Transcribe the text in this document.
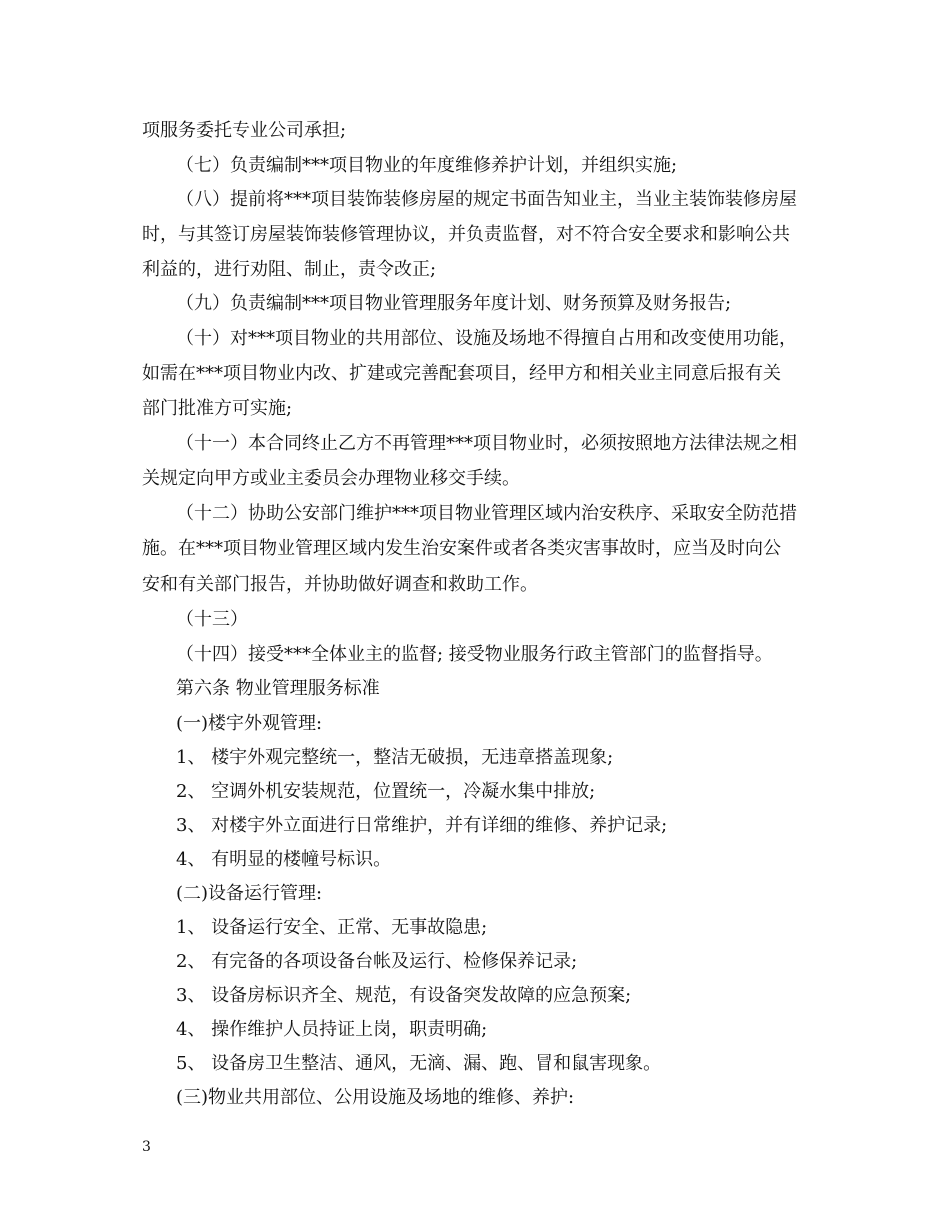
项服务委托专业公司承担;
（七）负责编制***项目物业的年度维修养护计划，并组织实施;
（八）提前将***项目装饰装修房屋的规定书面告知业主，当业主装饰装修房屋
时，与其签订房屋装饰装修管理协议，并负责监督，对不符合安全要求和影响公共
利益的，进行劝阻、制止，责令改正;
（九）负责编制***项目物业管理服务年度计划、财务预算及财务报告;
（十）对***项目物业的共用部位、设施及场地不得擅自占用和改变使用功能，
如需在***项目物业内改、扩建或完善配套项目，经甲方和相关业主同意后报有关
部门批准方可实施;
（十一）本合同终止乙方不再管理***项目物业时，必须按照地方法律法规之相
关规定向甲方或业主委员会办理物业移交手续。
（十二）协助公安部门维护***项目物业管理区域内治安秩序、采取安全防范措
施。在***项目物业管理区域内发生治安案件或者各类灾害事故时，应当及时向公
安和有关部门报告，并协助做好调查和救助工作。
（十三）
（十四）接受***全体业主的监督; 接受物业服务行政主管部门的监督指导。
第六条 物业管理服务标准
(一)楼宇外观管理:
1、 楼宇外观完整统一，整洁无破损，无违章搭盖现象;
2、 空调外机安装规范，位置统一，冷凝水集中排放;
3、 对楼宇外立面进行日常维护，并有详细的维修、养护记录;
4、 有明显的楼幢号标识。
(二)设备运行管理:
1、 设备运行安全、正常、无事故隐患;
2、 有完备的各项设备台帐及运行、检修保养记录;
3、 设备房标识齐全、规范，有设备突发故障的应急预案;
4、 操作维护人员持证上岗，职责明确;
5、 设备房卫生整洁、通风，无滴、漏、跑、冒和鼠害现象。
(三)物业共用部位、公用设施及场地的维修、养护:
3
